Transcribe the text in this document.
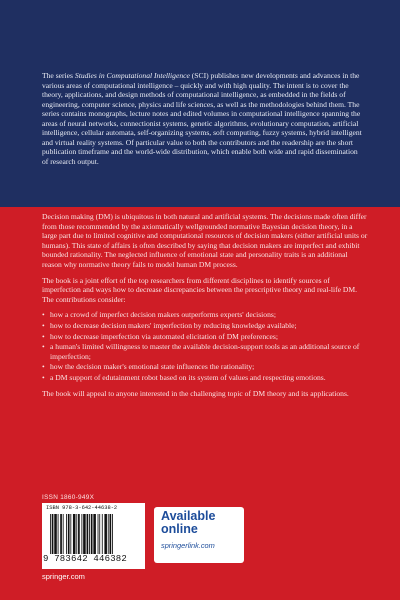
The series Studies in Computational Intelligence (SCI) publishes new developments and advances in the various areas of computational intelligence – quickly and with high quality. The intent is to cover the theory, applications, and design methods of computational intelligence, as embedded in the fields of engineering, computer science, physics and life sciences, as well as the methodologies behind them. The series contains monographs, lecture notes and edited volumes in computational intelligence spanning the areas of neural networks, connectionist systems, genetic algorithms, evolutionary computation, artificial intelligence, cellular automata, self-organizing systems, soft computing, fuzzy systems, hybrid intelligent and virtual reality systems. Of particular value to both the contributors and the readership are the short publication timeframe and the world-wide distribution, which enable both wide and rapid dissemination of research output.

Decision making (DM) is ubiquitous in both natural and artificial systems. The decisions made often differ from those recommended by the axiomatically wellgrounded normative Bayesian decision theory, in a large part due to limited cognitive and computational resources of decision makers (either artificial units or humans). This state of affairs is often described by saying that decision makers are imperfect and exhibit bounded rationality. The neglected influence of emotional state and personality traits is an additional reason why normative theory fails to model human DM process.

The book is a joint effort of the top researchers from different disciplines to identify sources of imperfection and ways how to decrease discrepancies between the prescriptive theory and real-life DM. The contributions consider:

• how a crowd of imperfect decision makers outperforms experts' decisions;
• how to decrease decision makers' imperfection by reducing knowledge available;
• how to decrease imperfection via automated elicitation of DM preferences;
• a human's limited willingness to master the available decision-support tools as an additional source of imperfection;
• how the decision maker's emotional state influences the rationality;
• a DM support of edutainment robot based on its system of values and respecting emotions.

The book will appeal to anyone interested in the challenging topic of DM theory and its applications.

ISSN 1860-949X
ISBN 978-3-642-44638-2
9 783642 446382
springer.com
Available
online
springerlink.com
